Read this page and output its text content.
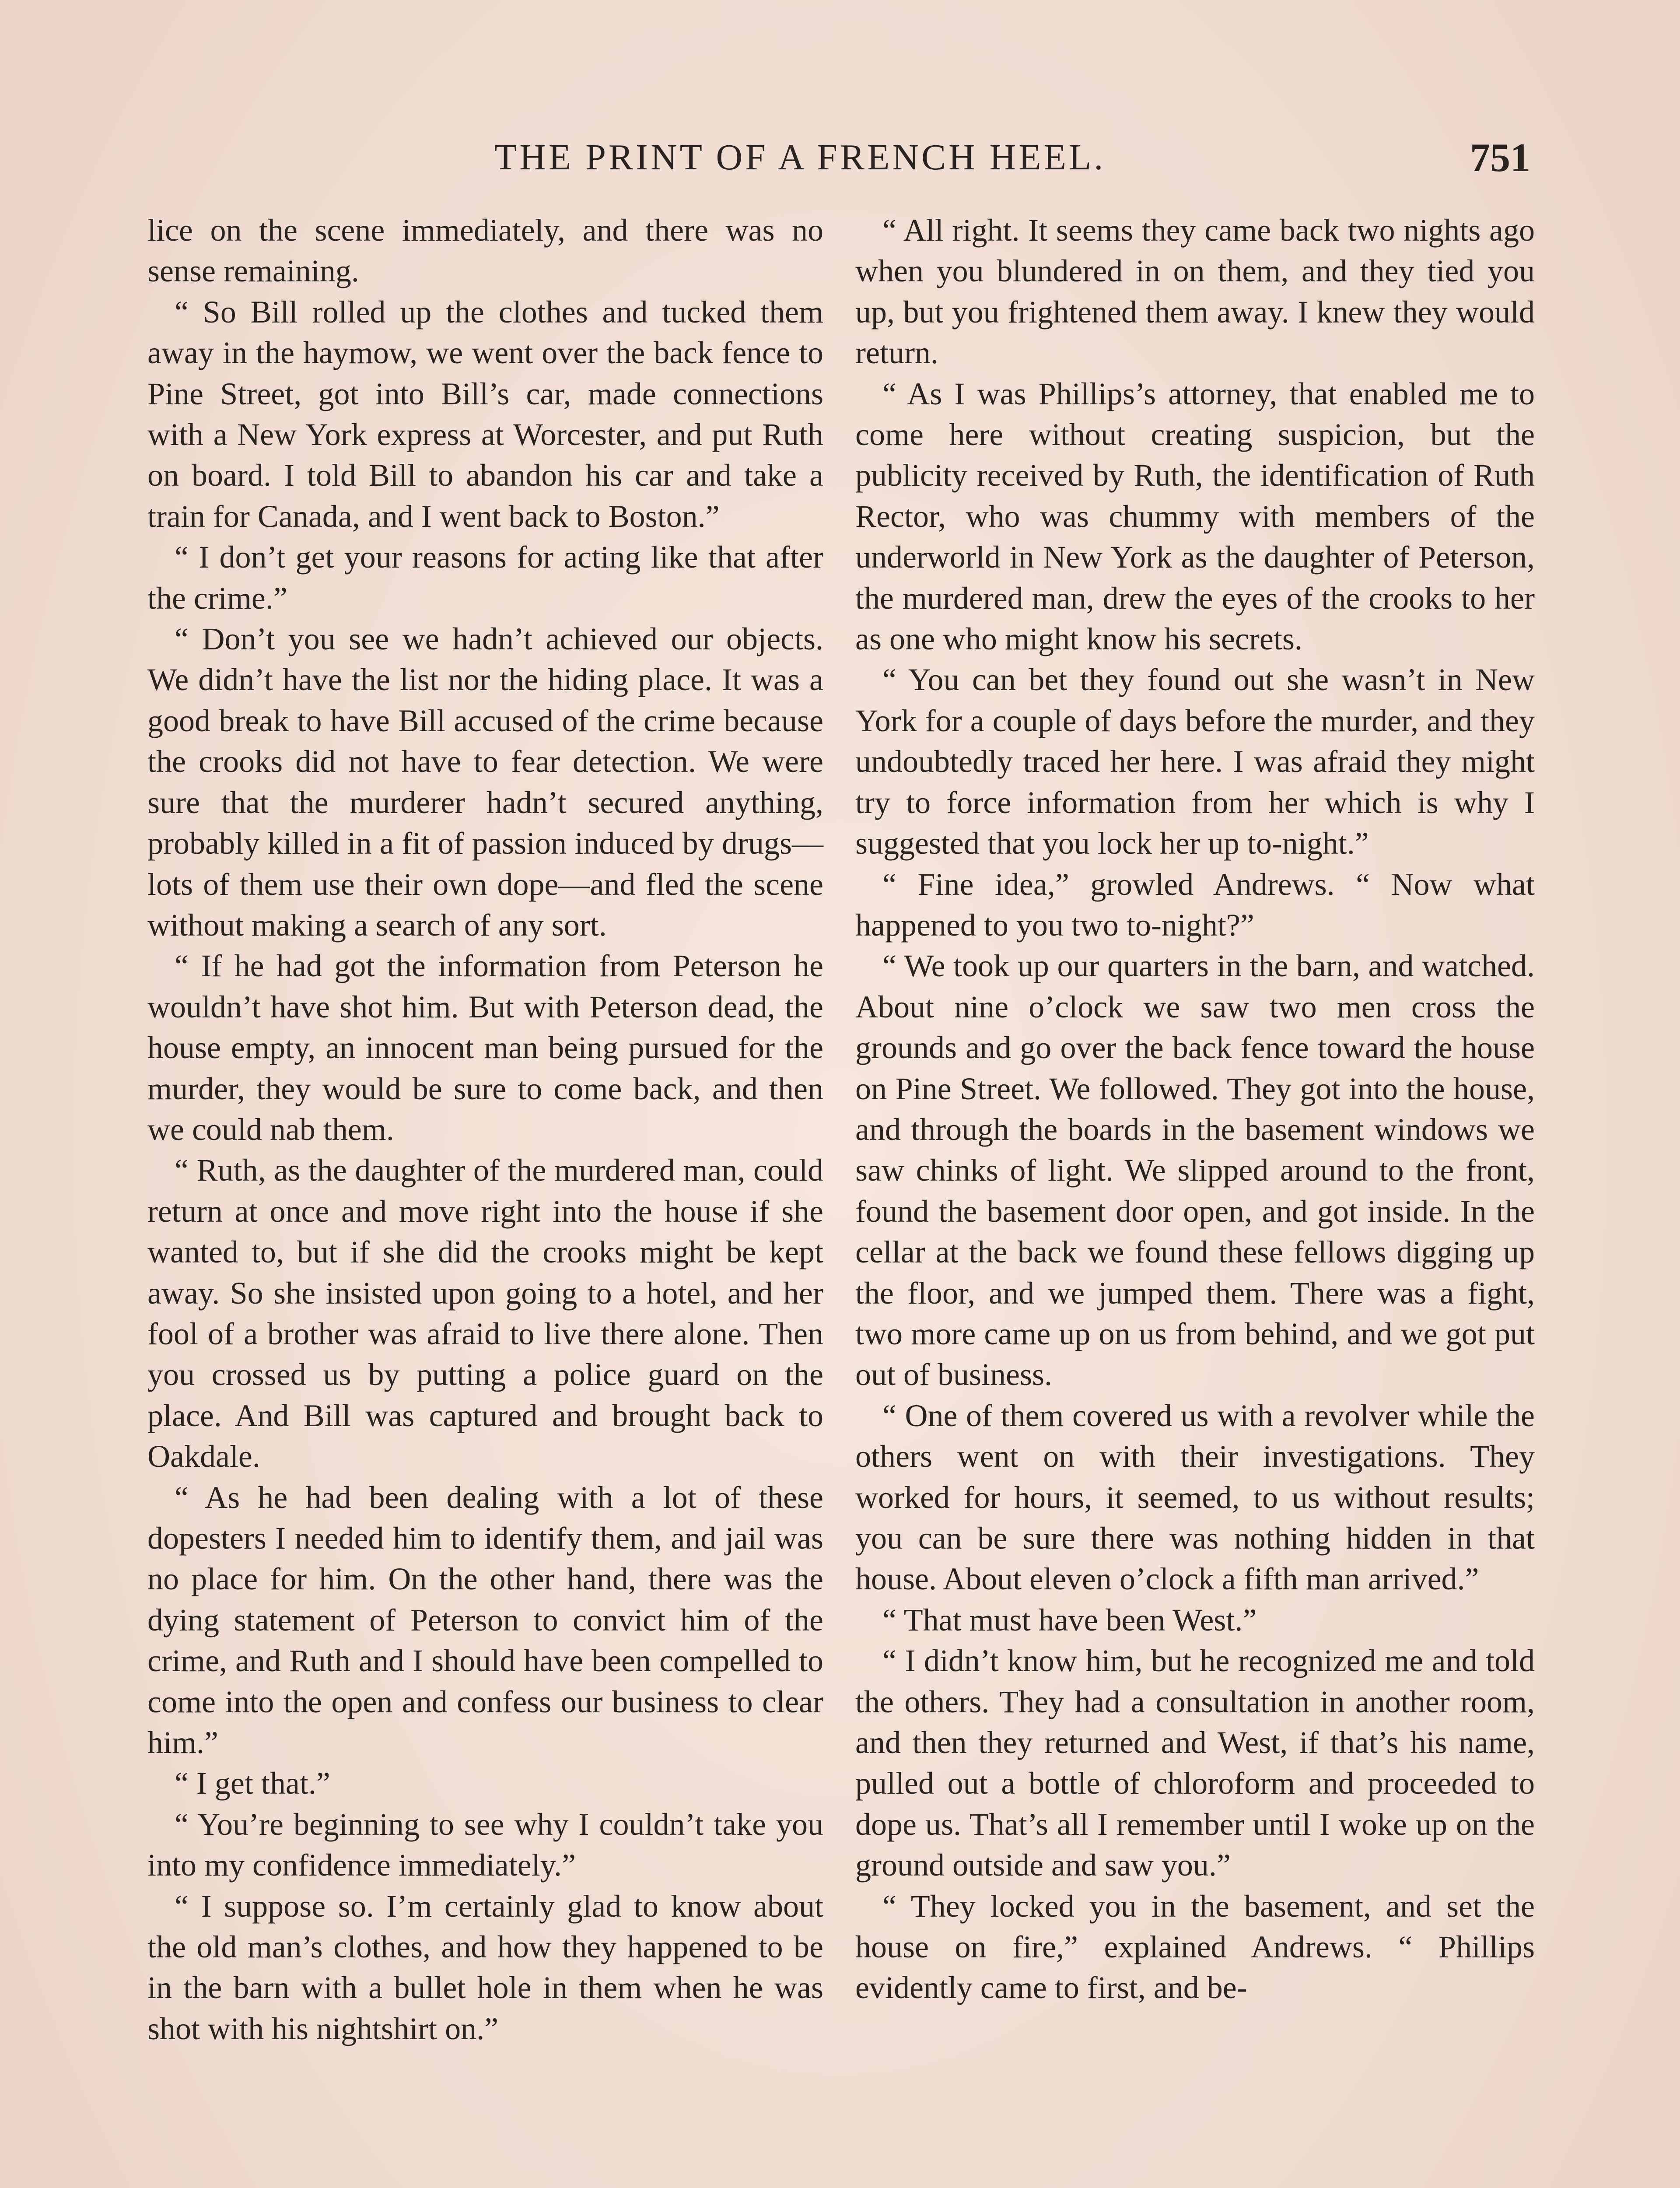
THE PRINT OF A FRENCH HEEL.	751

lice on the scene immediately, and there was no sense remaining.

“ So Bill rolled up the clothes and tucked them away in the haymow, we went over the back fence to Pine Street, got into Bill’s car, made connections with a New York express at Worcester, and put Ruth on board. I told Bill to abandon his car and take a train for Canada, and I went back to Boston.”

“ I don’t get your reasons for acting like that after the crime.”

“ Don’t you see we hadn’t achieved our objects. We didn’t have the list nor the hiding place. It was a good break to have Bill accused of the crime because the crooks did not have to fear detection. We were sure that the murderer hadn’t secured anything, probably killed in a fit of passion induced by drugs—lots of them use their own dope—and fled the scene without making a search of any sort.

“ If he had got the information from Peterson he wouldn’t have shot him. But with Peterson dead, the house empty, an innocent man being pursued for the murder, they would be sure to come back, and then we could nab them.

“ Ruth, as the daughter of the murdered man, could return at once and move right into the house if she wanted to, but if she did the crooks might be kept away. So she insisted upon going to a hotel, and her fool of a brother was afraid to live there alone. Then you crossed us by putting a police guard on the place. And Bill was captured and brought back to Oakdale.

“ As he had been dealing with a lot of these dopesters I needed him to identify them, and jail was no place for him. On the other hand, there was the dying statement of Peterson to convict him of the crime, and Ruth and I should have been compelled to come into the open and confess our business to clear him.”

“ I get that.”

“ You’re beginning to see why I couldn’t take you into my confidence immediately.”

“ I suppose so. I’m certainly glad to know about the old man’s clothes, and how they happened to be in the barn with a bullet hole in them when he was shot with his nightshirt on.”

“ All right. It seems they came back two nights ago when you blundered in on them, and they tied you up, but you frightened them away. I knew they would return.

“ As I was Phillips’s attorney, that enabled me to come here without creating suspicion, but the publicity received by Ruth, the identification of Ruth Rector, who was chummy with members of the underworld in New York as the daughter of Peterson, the murdered man, drew the eyes of the crooks to her as one who might know his secrets.

“ You can bet they found out she wasn’t in New York for a couple of days before the murder, and they undoubtedly traced her here. I was afraid they might try to force information from her which is why I suggested that you lock her up to-night.”

“ Fine idea,” growled Andrews. “ Now what happened to you two to-night?”

“ We took up our quarters in the barn, and watched. About nine o’clock we saw two men cross the grounds and go over the back fence toward the house on Pine Street. We followed. They got into the house, and through the boards in the basement windows we saw chinks of light. We slipped around to the front, found the basement door open, and got inside. In the cellar at the back we found these fellows digging up the floor, and we jumped them. There was a fight, two more came up on us from behind, and we got put out of business.

“ One of them covered us with a revolver while the others went on with their investigations. They worked for hours, it seemed, to us without results; you can be sure there was nothing hidden in that house. About eleven o’clock a fifth man arrived.”

“ That must have been West.”

“ I didn’t know him, but he recognized me and told the others. They had a consultation in another room, and then they returned and West, if that’s his name, pulled out a bottle of chloroform and proceeded to dope us. That’s all I remember until I woke up on the ground outside and saw you.”

“ They locked you in the basement, and set the house on fire,” explained Andrews. “ Phillips evidently came to first, and be-
